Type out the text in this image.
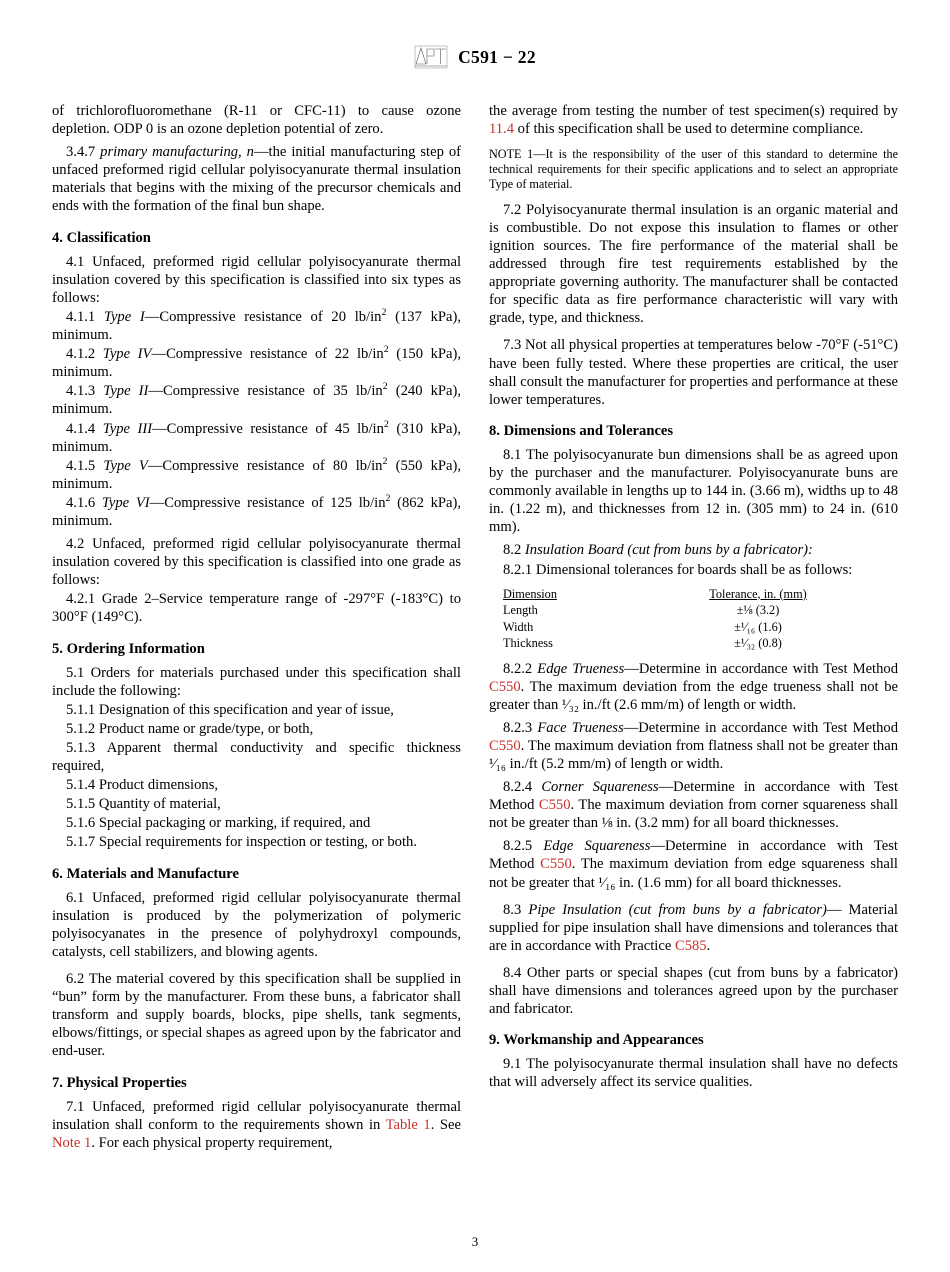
C591 − 22

of trichlorofluoromethane (R-11 or CFC-11) to cause ozone depletion. ODP 0 is an ozone depletion potential of zero.

3.4.7 primary manufacturing, n—the initial manufacturing step of unfaced preformed rigid cellular polyisocyanurate thermal insulation materials that begins with the mixing of the precursor chemicals and ends with the formation of the final bun shape.

4. Classification

4.1 Unfaced, preformed rigid cellular polyisocyanurate thermal insulation covered by this specification is classified into six types as follows:

4.1.1 Type I—Compressive resistance of 20 $lb/in^2$ (137 kPa), minimum.

4.1.2 Type IV—Compressive resistance of 22 $lb/in^2$ (150 kPa), minimum.

4.1.3 Type II—Compressive resistance of 35 $lb/in^2$ (240 kPa), minimum.

4.1.4 Type III—Compressive resistance of 45 $lb/in^2$ (310 kPa), minimum.

4.1.5 Type V—Compressive resistance of 80 $lb/in^2$ (550 kPa), minimum.

4.1.6 Type VI—Compressive resistance of 125 $lb/in^2$ (862 kPa), minimum.

4.2 Unfaced, preformed rigid cellular polyisocyanurate thermal insulation covered by this specification is classified into one grade as follows:

4.2.1 Grade 2–Service temperature range of -297°F (-183°C) to 300°F (149°C).

5. Ordering Information

5.1 Orders for materials purchased under this specification shall include the following:

5.1.1 Designation of this specification and year of issue,

5.1.2 Product name or grade/type, or both,

5.1.3 Apparent thermal conductivity and specific thickness required,

5.1.4 Product dimensions,

5.1.5 Quantity of material,

5.1.6 Special packaging or marking, if required, and

5.1.7 Special requirements for inspection or testing, or both.

6. Materials and Manufacture

6.1 Unfaced, preformed rigid cellular polyisocyanurate thermal insulation is produced by the polymerization of polymeric polyisocyanates in the presence of polyhydroxyl compounds, catalysts, cell stabilizers, and blowing agents.

6.2 The material covered by this specification shall be supplied in “bun” form by the manufacturer. From these buns, a fabricator shall transform and supply boards, blocks, pipe shells, tank segments, elbows/fittings, or special shapes as agreed upon by the fabricator and end-user.

7. Physical Properties

7.1 Unfaced, preformed rigid cellular polyisocyanurate thermal insulation shall conform to the requirements shown in Table 1. See Note 1. For each physical property requirement,

the average from testing the number of test specimen(s) required by 11.4 of this specification shall be used to determine compliance.

NOTE 1—It is the responsibility of the user of this standard to determine the technical requirements for their specific applications and to select an appropriate Type of material.

7.2 Polyisocyanurate thermal insulation is an organic material and is combustible. Do not expose this insulation to flames or other ignition sources. The fire performance of the material shall be addressed through fire test requirements established by the appropriate governing authority. The manufacturer shall be contacted for specific data as fire performance characteristic will vary with grade, type, and thickness.

7.3 Not all physical properties at temperatures below -70°F (-51°C) have been fully tested. Where these properties are critical, the user shall consult the manufacturer for properties and performance at these lower temperatures.

8. Dimensions and Tolerances

8.1 The polyisocyanurate bun dimensions shall be as agreed upon by the purchaser and the manufacturer. Polyisocyanurate buns are commonly available in lengths up to 144 in. (3.66 m), widths up to 48 in. (1.22 m), and thicknesses from 12 in. (305 mm) to 24 in. (610 mm).

8.2 Insulation Board (cut from buns by a fabricator):

8.2.1 Dimensional tolerances for boards shall be as follows:

Dimension	Tolerance, in. (mm)
Length	±⅛ (3.2)
Width	±¹⁄₁₆ (1.6)
Thickness	±¹⁄₃₂ (0.8)

8.2.2 Edge Trueness—Determine in accordance with Test Method C550. The maximum deviation from the edge trueness shall not be greater than ¹⁄₃₂ in./ft (2.6 mm/m) of length or width.

8.2.3 Face Trueness—Determine in accordance with Test Method C550. The maximum deviation from flatness shall not be greater than ¹⁄₁₆ in./ft (5.2 mm/m) of length or width.

8.2.4 Corner Squareness—Determine in accordance with Test Method C550. The maximum deviation from corner squareness shall not be greater than ⅛ in. (3.2 mm) for all board thicknesses.

8.2.5 Edge Squareness—Determine in accordance with Test Method C550. The maximum deviation from edge squareness shall not be greater that ¹⁄₁₆ in. (1.6 mm) for all board thicknesses.

8.3 Pipe Insulation (cut from buns by a fabricator)— Material supplied for pipe insulation shall have dimensions and tolerances that are in accordance with Practice C585.

8.4 Other parts or special shapes (cut from buns by a fabricator) shall have dimensions and tolerances agreed upon by the purchaser and fabricator.

9. Workmanship and Appearances

9.1 The polyisocyanurate thermal insulation shall have no defects that will adversely affect its service qualities.

3
